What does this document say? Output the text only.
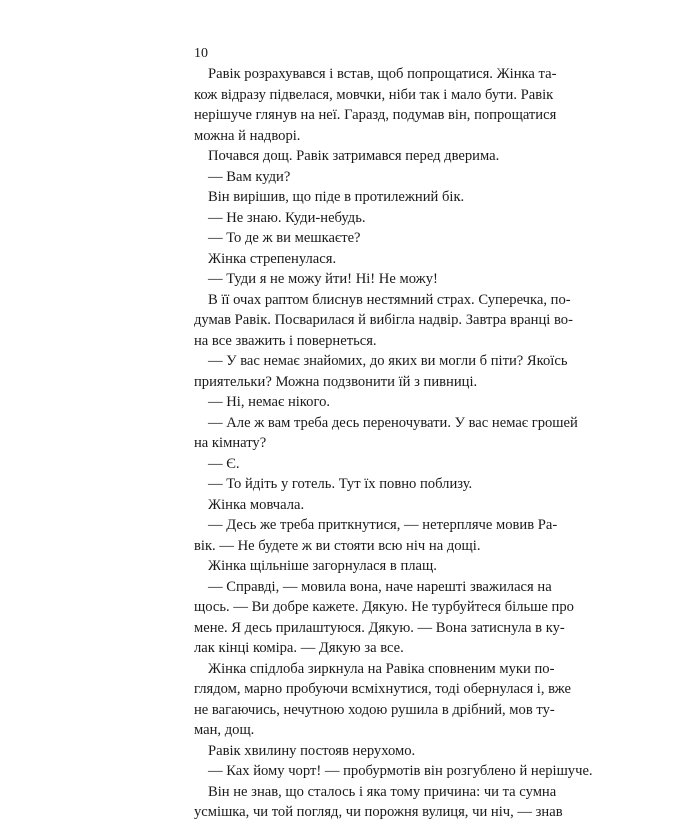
10
Равік розрахувався і встав, щоб попрощатися. Жінка та-
кож відразу підвелася, мовчки, ніби так і мало бути. Равік
нерішуче глянув на неї. Гаразд, подумав він, попрощатися
можна й надворі.
Почався дощ. Равік затримався перед дверима.
— Вам куди?
Він вирішив, що піде в протилежний бік.
— Не знаю. Куди-небудь.
— То де ж ви мешкаєте?
Жінка стрепенулася.
— Туди я не можу йти! Ні! Не можу!
В її очах раптом блиснув нестямний страх. Суперечка, по-
думав Равік. Посварилася й вибігла надвір. Завтра вранці во-
на все зважить і повернеться.
— У вас немає знайомих, до яких ви могли б піти? Якоїсь
приятельки? Можна подзвонити їй з пивниці.
— Ні, немає нікого.
— Але ж вам треба десь переночувати. У вас немає грошей
на кімнату?
— Є.
— То йдіть у готель. Тут їх повно поблизу.
Жінка мовчала.
— Десь же треба приткнутися, — нетерпляче мовив Ра-
вік. — Не будете ж ви стояти всю ніч на дощі.
Жінка щільніше загорнулася в плащ.
— Справді, — мовила вона, наче нарешті зважилася на
щось. — Ви добре кажете. Дякую. Не турбуйтеся більше про
мене. Я десь прилаштуюся. Дякую. — Вона затиснула в ку-
лак кінці коміра. — Дякую за все.
Жінка спідлоба зиркнула на Равіка сповненим муки по-
глядом, марно пробуючи всміхнутися, тоді обернулася і, вже
не вагаючись, нечутною ходою рушила в дрібний, мов ту-
ман, дощ.
Равік хвилину постояв нерухомо.
— Ках йому чорт! — пробурмотів він розгублено й нерішуче.
Він не знав, що сталось і яка тому причина: чи та сумна
усмішка, чи той погляд, чи порожня вулиця, чи ніч, — знав
